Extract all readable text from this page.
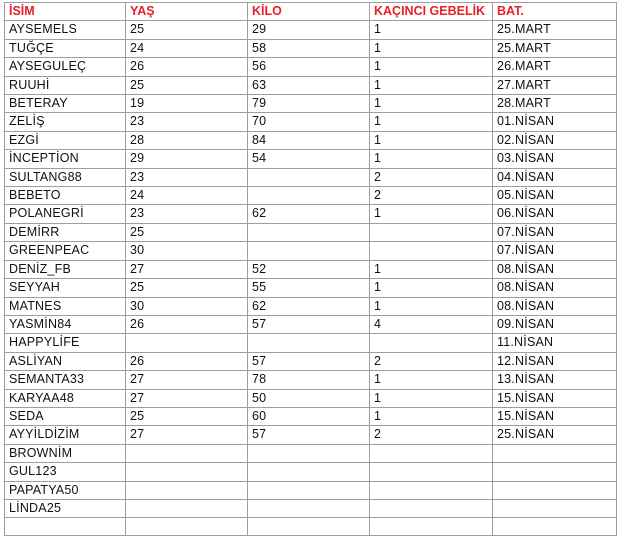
İSİM	YAŞ	KİLO	KAÇINCI GEBELİK	BAT.
AYSEMELS	25	29	1	25.MART
TUĞÇE	24	58	1	25.MART
AYSEGULEÇ	26	56	1	26.MART
RUUHİ	25	63	1	27.MART
BETERAY	19	79	1	28.MART
ZELİŞ	23	70	1	01.NİSAN
EZGİ	28	84	1	02.NİSAN
İNCEPTİON	29	54	1	03.NİSAN
SULTANG88	23		2	04.NİSAN
BEBETO	24		2	05.NİSAN
POLANEGRİ	23	62	1	06.NİSAN
DEMİRR	25			07.NİSAN
GREENPEAC	30			07.NİSAN
DENİZ_FB	27	52	1	08.NİSAN
SEYYAH	25	55	1	08.NİSAN
MATNES	30	62	1	08.NİSAN
YASMİN84	26	57	4	09.NİSAN
HAPPYLİFE				11.NİSAN
ASLİYAN	26	57	2	12.NİSAN
SEMANTA33	27	78	1	13.NİSAN
KARYAA48	27	50	1	15.NİSAN
SEDA	25	60	1	15.NİSAN
AYYİLDİZİM	27	57	2	25.NİSAN
BROWNİM				
GUL123				
PAPATYA50				
LİNDA25				
